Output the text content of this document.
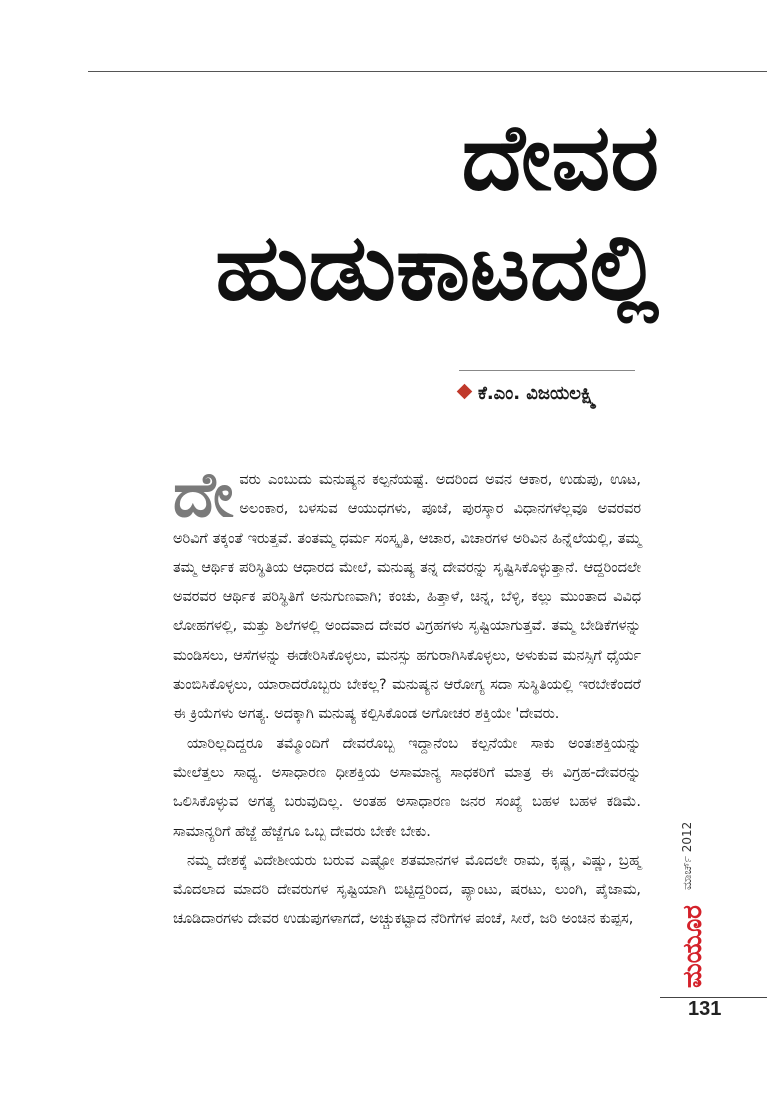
ದೇವರ
ಹುಡುಕಾಟದಲ್ಲಿ
ಕೆ.ಎಂ. ವಿಜಯಲಕ್ಷ್ಮಿ

ದೇವರು ಎಂಬುದು ಮನುಷ್ಯನ ಕಲ್ಪನೆಯಷ್ಟೆ. ಅದರಿಂದ ಅವನ ಆಕಾರ, ಉಡುಪು, ಊಟ, ಅಲಂಕಾರ, ಬಳಸುವ ಆಯುಧಗಳು, ಪೂಜೆ, ಪುರಸ್ಕಾರ ವಿಧಾನಗಳೆಲ್ಲವೂ ಅವರವರ ಅರಿವಿಗೆ ತಕ್ಕಂತೆ ಇರುತ್ತವೆ. ತಂತಮ್ಮ ಧರ್ಮ ಸಂಸ್ಕೃತಿ, ಆಚಾರ, ವಿಚಾರಗಳ ಅರಿವಿನ ಹಿನ್ನೆಲೆಯಲ್ಲಿ, ತಮ್ಮ ತಮ್ಮ ಆರ್ಥಿಕ ಪರಿಸ್ಥಿತಿಯ ಆಧಾರದ ಮೇಲೆ, ಮನುಷ್ಯ ತನ್ನ ದೇವರನ್ನು ಸೃಷ್ಟಿಸಿಕೊಳ್ಳುತ್ತಾನೆ. ಆದ್ದರಿಂದಲೇ ಅವರವರ ಆರ್ಥಿಕ ಪರಿಸ್ಥಿತಿಗೆ ಅನುಗುಣವಾಗಿ; ಕಂಚು, ಹಿತ್ತಾಳೆ, ಚಿನ್ನ, ಬೆಳ್ಳಿ, ಕಲ್ಲು ಮುಂತಾದ ವಿವಿಧ ಲೋಹಗಳಲ್ಲಿ, ಮತ್ತು ಶಿಲೆಗಳಲ್ಲಿ ಅಂದವಾದ ದೇವರ ವಿಗ್ರಹಗಳು ಸೃಷ್ಟಿಯಾಗುತ್ತವೆ. ತಮ್ಮ ಬೇಡಿಕೆಗಳನ್ನು ಮಂಡಿಸಲು, ಆಸೆಗಳನ್ನು ಈಡೇರಿಸಿಕೊಳ್ಳಲು, ಮನಸ್ಸು ಹಗುರಾಗಿಸಿಕೊಳ್ಳಲು, ಅಳುಕುವ ಮನಸ್ಸಿಗೆ ಧೈರ್ಯ ತುಂಬಿಸಿಕೊಳ್ಳಲು, ಯಾರಾದರೊಬ್ಬರು ಬೇಕಲ್ಲ? ಮನುಷ್ಯನ ಆರೋಗ್ಯ ಸದಾ ಸುಸ್ಥಿತಿಯಲ್ಲಿ ಇರಬೇಕೆಂದರೆ ಈ ಕ್ರಿಯೆಗಳು ಅಗತ್ಯ. ಅದಕ್ಕಾಗಿ ಮನುಷ್ಯ ಕಲ್ಪಿಸಿಕೊಂಡ ಅಗೋಚರ ಶಕ್ತಿಯೇ 'ದೇವರು.

ಯಾರಿಲ್ಲದಿದ್ದರೂ ತಮ್ಮೊಂದಿಗೆ ದೇವರೊಬ್ಬ ಇದ್ದಾನೆಂಬ ಕಲ್ಪನೆಯೇ ಸಾಕು ಅಂತಃಶಕ್ತಿಯನ್ನು ಮೇಲೆತ್ತಲು ಸಾಧ್ಯ. ಅಸಾಧಾರಣ ಧೀಶಕ್ತಿಯ ಅಸಾಮಾನ್ಯ ಸಾಧಕರಿಗೆ ಮಾತ್ರ ಈ ವಿಗ್ರಹ-ದೇವರನ್ನು ಒಲಿಸಿಕೊಳ್ಳುವ ಅಗತ್ಯ ಬರುವುದಿಲ್ಲ. ಅಂತಹ ಅಸಾಧಾರಣ ಜನರ ಸಂಖ್ಯೆ ಬಹಳ ಬಹಳ ಕಡಿಮೆ. ಸಾಮಾನ್ಯರಿಗೆ ಹೆಜ್ಜೆ ಹೆಜ್ಜೆಗೂ ಒಬ್ಬ ದೇವರು ಬೇಕೇ ಬೇಕು.

ನಮ್ಮ ದೇಶಕ್ಕೆ ವಿದೇಶೀಯರು ಬರುವ ಎಷ್ಟೋ ಶತಮಾನಗಳ ಮೊದಲೇ ರಾಮ, ಕೃಷ್ಣ, ವಿಷ್ಣು, ಬ್ರಹ್ಮ ಮೊದಲಾದ ಮಾದರಿ ದೇವರುಗಳ ಸೃಷ್ಟಿಯಾಗಿ ಬಿಟ್ಟಿದ್ದರಿಂದ, ಪ್ಯಾಂಟು, ಷರಟು, ಲುಂಗಿ, ಪೈಜಾಮ, ಚೂಡಿದಾರಗಳು ದೇವರ ಉಡುಪುಗಳಾಗದೆ, ಅಚ್ಚುಕಟ್ಟಾದ ನೆರಿಗೆಗಳ ಪಂಚೆ, ಸೀರೆ, ಜರಿ ಅಂಚಿನ ಕುಪ್ಪಸ,

ಮಾರ್ಚ್ 2012
ಮಯೂರ
131
